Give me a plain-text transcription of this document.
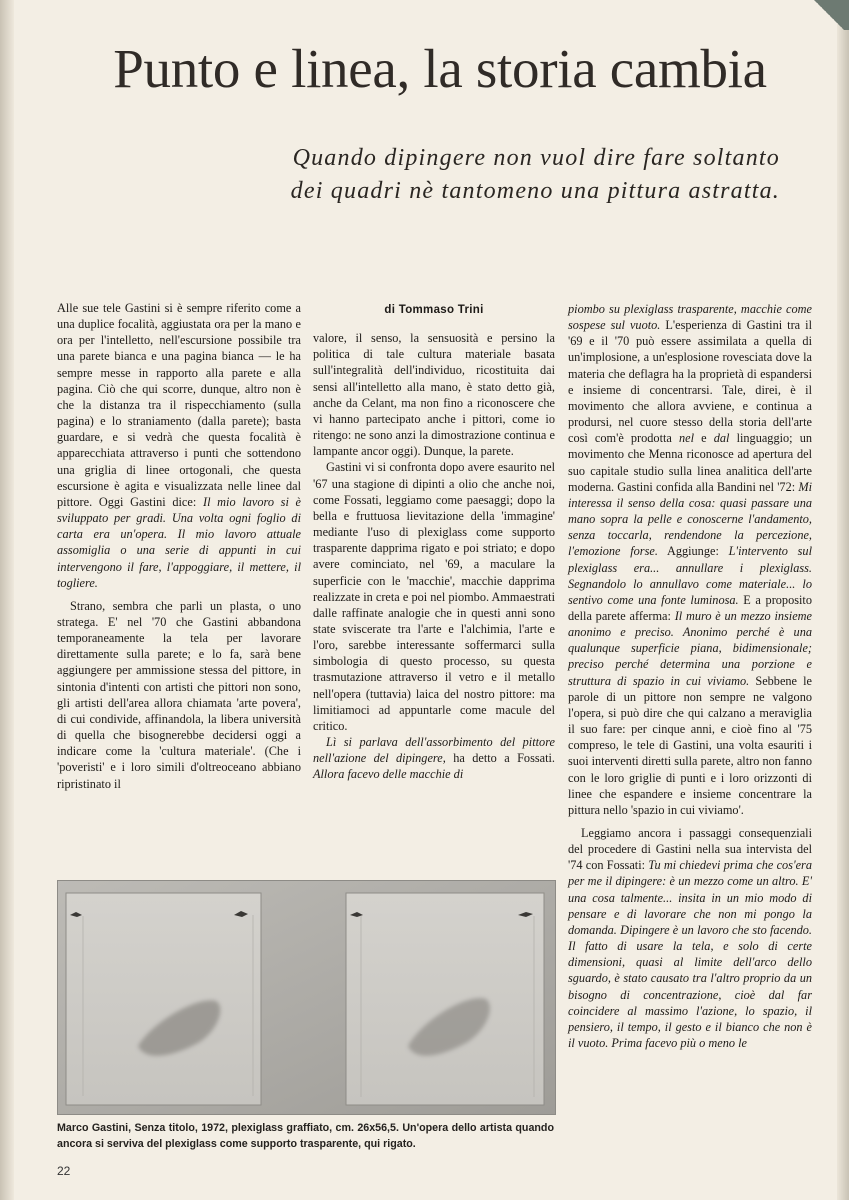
Punto e linea, la storia cambia
Quando dipingere non vuol dire fare soltanto
dei quadri nè tantomeno una pittura astratta.

Alle sue tele Gastini si è sempre riferito come a una duplice focalità, aggiustata ora per la mano e ora per l'intelletto, nell'escursione possibile tra una parete bianca e una pagina bianca — le ha sempre messe in rapporto alla parete e alla pagina. Ciò che qui scorre, dunque, altro non è che la distanza tra il rispecchiamento (sulla pagina) e lo straniamento (dalla parete); basta guardare, e si vedrà che questa focalità è apparecchiata attraverso i punti che sottendono una griglia di linee ortogonali, che questa escursione è agita e visualizzata nelle linee dal pittore. Oggi Gastini dice: Il mio lavoro si è sviluppato per gradi. Una volta ogni foglio di carta era un'opera. Il mio lavoro attuale assomiglia o una serie di appunti in cui intervengono il fare, l'appoggiare, il mettere, il togliere.

Strano, sembra che parli un plasta, o uno stratega. E' nel '70 che Gastini abbandona temporaneamente la tela per lavorare direttamente sulla parete; e lo fa, sarà bene aggiungere per ammissione stessa del pittore, in sintonia d'intenti con artisti che pittori non sono, gli artisti dell'area allora chiamata 'arte povera', di cui condivide, affinandola, la libera università di quella che bisognerebbe decidersi oggi a indicare come la 'cultura materiale'. (Che i 'poveristi' e i loro simili d'oltreoceano abbiano ripristinato il

di Tommaso Trini

valore, il senso, la sensuosità e persino la politica di tale cultura materiale basata sull'integralità dell'individuo, ricostituita dai sensi all'intelletto alla mano, è stato detto già, anche da Celant, ma non fino a riconoscere che vi hanno partecipato anche i pittori, come io ritengo: ne sono anzi la dimostrazione continua e lampante ancor oggi). Dunque, la parete.

Gastini vi si confronta dopo avere esaurito nel '67 una stagione di dipinti a olio che anche noi, come Fossati, leggiamo come paesaggi; dopo la bella e fruttuosa lievitazione della 'immagine' mediante l'uso di plexiglass come supporto trasparente dapprima rigato e poi striato; e dopo avere cominciato, nel '69, a maculare la superficie con le 'macchie', macchie dapprima realizzate in creta e poi nel piombo. Ammaestrati dalle raffinate analogie che in questi anni sono state sviscerate tra l'arte e l'alchimia, l'arte e l'oro, sarebbe interessante soffermarci sulla simbologia di questo processo, su questa trasmutazione attraverso il vetro e il metallo nell'opera (tuttavia) laica del nostro pittore: ma limitiamoci ad appuntarle come macule del critico.

Lì si parlava dell'assorbimento del pittore nell'azione del dipingere, ha detto a Fossati. Allora facevo delle macchie di

piombo su plexiglass trasparente, macchie come sospese sul vuoto. L'esperienza di Gastini tra il '69 e il '70 può essere assimilata a quella di un'implosione, a un'esplosione rovesciata dove la materia che deflagra ha la proprietà di espandersi e insieme di concentrarsi. Tale, direi, è il movimento che allora avviene, e continua a prodursi, nel cuore stesso della storia dell'arte così com'è prodotta nel e dal linguaggio; un movimento che Menna riconosce ad apertura del suo capitale studio sulla linea analitica dell'arte moderna. Gastini confida alla Bandini nel '72: Mi interessa il senso della cosa: quasi passare una mano sopra la pelle e conoscerne l'andamento, senza toccarla, rendendone la percezione, l'emozione forse. Aggiunge: L'intervento sul plexiglass era... annullare i plexiglass. Segnandolo lo annullavo come materiale... lo sentivo come una fonte luminosa. E a proposito della parete afferma: Il muro è un mezzo insieme anonimo e preciso. Anonimo perché è una qualunque superficie piana, bidimensionale; preciso perché determina una porzione e struttura di spazio in cui viviamo. Sebbene le parole di un pittore non sempre ne valgono l'opera, si può dire che qui calzano a meraviglia il suo fare: per cinque anni, e cioè fino al '75 compreso, le tele di Gastini, una volta esauriti i suoi interventi diretti sulla parete, altro non fanno con le loro griglie di punti e i loro orizzonti di linee che espandere e insieme concentrare la pittura nello 'spazio in cui viviamo'.

Leggiamo ancora i passaggi consequenziali del procedere di Gastini nella sua intervista del '74 con Fossati: Tu mi chiedevi prima che cos'era per me il dipingere: è un mezzo come un altro. E' una cosa talmente... insita in un mio modo di pensare e di lavorare che non mi pongo la domanda. Dipingere è un lavoro che sto facendo. Il fatto di usare la tela, e solo di certe dimensioni, quasi al limite dell'arco dello sguardo, è stato causato tra l'altro proprio da un bisogno di concentrazione, cioè dal far coincidere al massimo l'azione, lo spazio, il pensiero, il tempo, il gesto e il bianco che non è il vuoto. Prima facevo più o meno le

Marco Gastini, Senza titolo, 1972, plexiglass graffiato, cm. 26x56,5. Un'opera dello artista quando ancora si serviva del plexiglass come supporto trasparente, qui rigato.
22
